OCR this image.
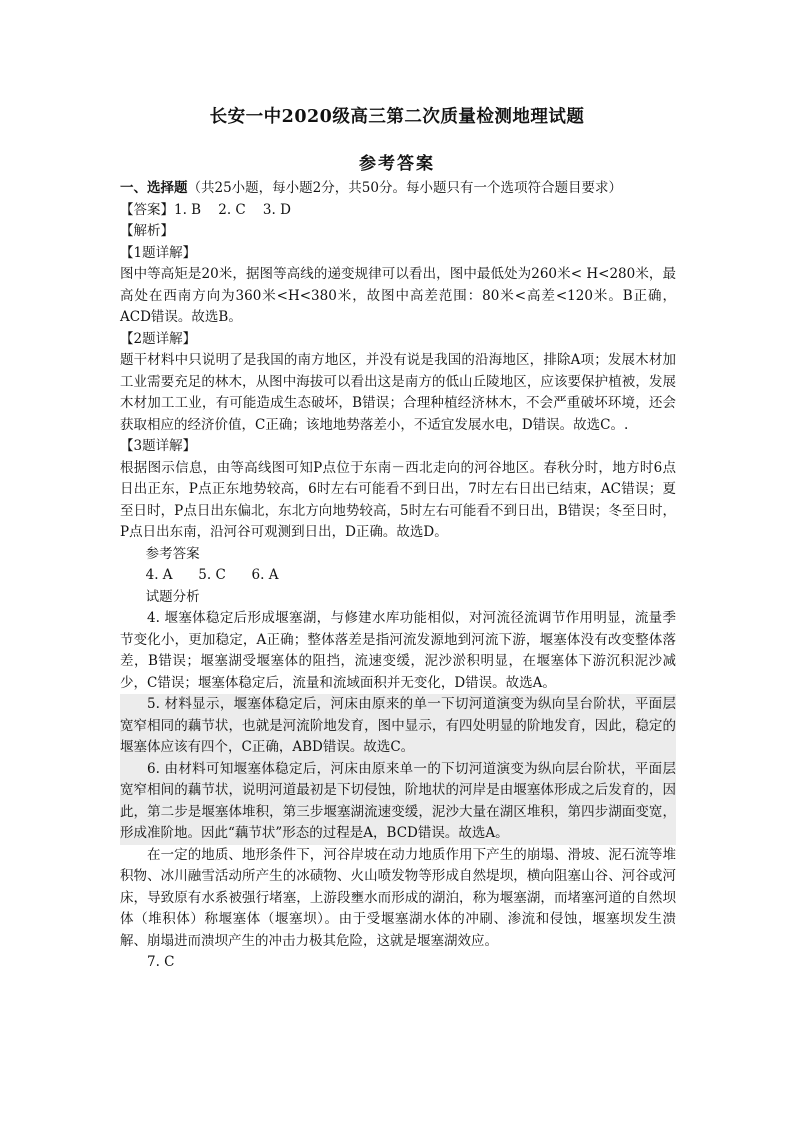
长安一中2020级高三第二次质量检测地理试题
参考答案

一、选择题（共25小题，每小题2分，共50分。每小题只有一个选项符合题目要求）

【答案】1. B    2. C    3. D

【解析】

【1题详解】

图中等高矩是20米，据图等高线的递变规律可以看出，图中最低处为260米< H<280米，最高处在西南方向为360米<H<380米，故图中高差范围：80米<高差<120米。B正确，ACD错误。故选B。

【2题详解】

题干材料中只说明了是我国的南方地区，并没有说是我国的沿海地区，排除A项；发展木材加工业需要充足的林木，从图中海拔可以看出这是南方的低山丘陵地区，应该要保护植被，发展木材加工工业，有可能造成生态破坏，B错误；合理种植经济林木，不会严重破坏环境，还会获取相应的经济价值，C正确；该地地势落差小，不适宜发展水电，D错误。故选C。.

【3题详解】

根据图示信息，由等高线图可知P点位于东南－西北走向的河谷地区。春秋分时，地方时6点日出正东，P点正东地势较高，6时左右可能看不到日出，7时左右日出已结束，AC错误；夏至日时，P点日出东偏北，东北方向地势较高，5时左右可能看不到日出，B错误；冬至日时，P点日出东南，沿河谷可观测到日出，D正确。故选D。

参考答案

4. A      5. C      6. A

试题分析

4. 堰塞体稳定后形成堰塞湖，与修建水库功能相似，对河流径流调节作用明显，流量季节变化小，更加稳定，A正确；整体落差是指河流发源地到河流下游，堰塞体没有改变整体落差，B错误；堰塞湖受堰塞体的阻挡，流速变缓，泥沙淤积明显，在堰塞体下游沉积泥沙减少，C错误；堰塞体稳定后，流量和流域面积并无变化，D错误。故选A。

5. 材料显示，堰塞体稳定后，河床由原来的单一下切河道演变为纵向呈台阶状，平面层宽窄相同的藕节状，也就是河流阶地发育，图中显示，有四处明显的阶地发育，因此，稳定的堰塞体应该有四个，C正确，ABD错误。故选C。

6. 由材料可知堰塞体稳定后，河床由原来单一的下切河道演变为纵向层台阶状，平面层宽窄相间的藕节状，说明河道最初是下切侵蚀，阶地状的河岸是由堰塞体形成之后发育的，因此，第二步是堰塞体堆积，第三步堰塞湖流速变缓，泥沙大量在湖区堆积，第四步湖面变宽，形成准阶地。因此“藕节状”形态的过程是A，BCD错误。故选A。

在一定的地质、地形条件下，河谷岸坡在动力地质作用下产生的崩塌、滑坡、泥石流等堆积物、冰川融雪活动所产生的冰碛物、火山喷发物等形成自然堤坝，横向阻塞山谷、河谷或河床，导致原有水系被强行堵塞，上游段壅水而形成的湖泊，称为堰塞湖，而堵塞河道的自然坝体（堆积体）称堰塞体（堰塞坝）。由于受堰塞湖水体的冲刷、渗流和侵蚀，堰塞坝发生溃解、崩塌进而溃坝产生的冲击力极其危险，这就是堰塞湖效应。

7. C
